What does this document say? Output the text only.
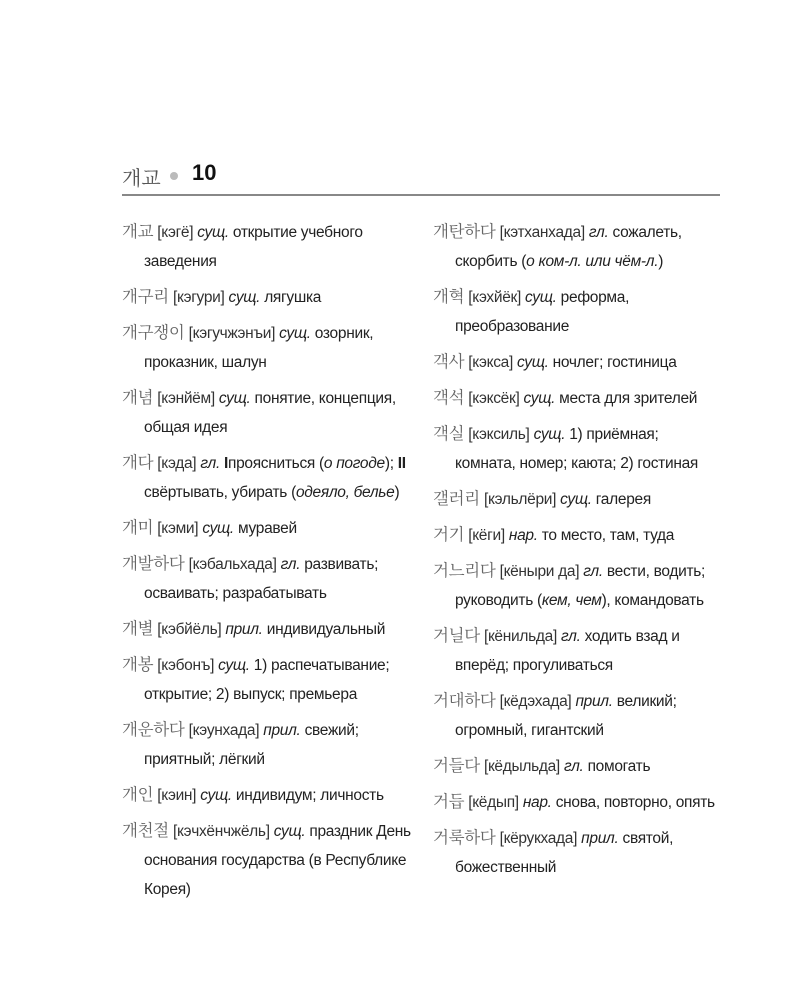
개교 10
개교 [кэгё] сущ. открытие учебного заведения
개구리 [кэгури] сущ. лягушка
개구쟁이 [кэгучжэнъи] сущ. озорник, проказник, шалун
개념 [кэнйём] сущ. понятие, концепция, общая идея
개다 [кэда] гл. Iпроясниться (о погоде); II свёртывать, убирать (одеяло, белье)
개미 [кэми] сущ. муравей
개발하다 [кэбальхада] гл. развивать; осваивать; разрабатывать
개별 [кэбйёль] прил. индивидуальный
개봉 [кэбонъ] сущ. 1) распечатывание; открытие; 2) выпуск; премьера
개운하다 [кэунхада] прил. свежий; приятный; лёгкий
개인 [кэин] сущ. индивидум; личность
개천절 [кэчхёнчжёль] сущ. праздник День основания государства (в Республике Корея)
개탄하다 [кэтханхада] гл. сожалеть, скорбить (о ком-л. или чём-л.)
개혁 [кэхйёк] сущ. реформа, преобразование
객사 [кэкса] сущ. ночлег; гостиница
객석 [кэксёк] сущ. места для зрителей
객실 [кэксиль] сущ. 1) приёмная; комната, номер; каюта; 2) гостиная
갤러리 [кэльлёри] сущ. галерея
거기 [кёги] нар. то место, там, туда
거느리다 [кёныри да] гл. вести, водить; руководить (кем, чем), командовать
거닐다 [кёнильда] гл. ходить взад и вперёд; прогуливаться
거대하다 [кёдэхада] прил. великий; огромный, гигантский
거들다 [кёдыльда] гл. помогать
거듭 [кёдып] нар. снова, повторно, опять
거룩하다 [кёрукхада] прил. святой, божественный
